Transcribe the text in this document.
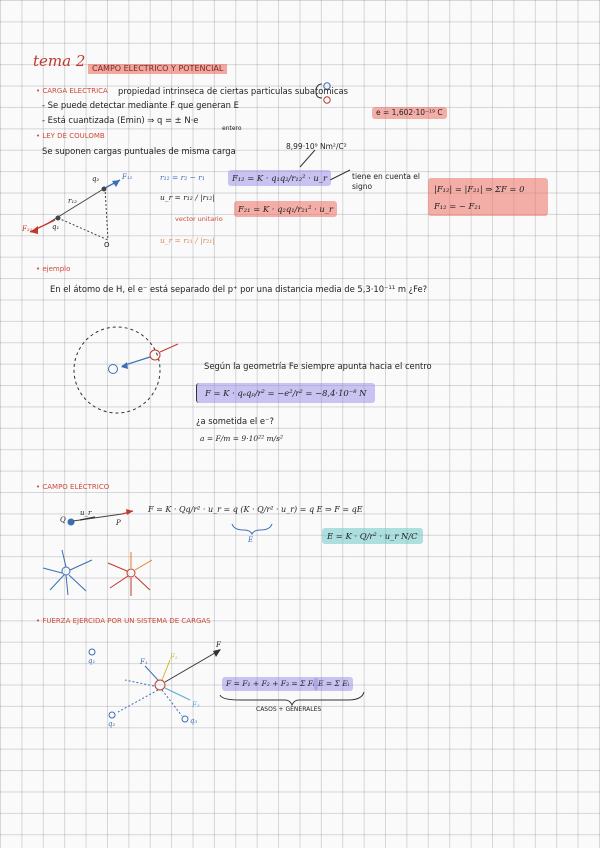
tema 2 CAMPO ELECTRICO Y POTENCIAL
• CARGA ELECTRICA propiedad intrinseca de ciertas particulas subatomicas
- Se puede detectar mediante F que generan E
- Está cuantizada (Emin) ⇒ q = ± N·e
entero
e = 1,602·10⁻¹⁹ C
• LEY DE COULOMB
Se suponen cargas puntuales de misma carga	8,99·10⁹ Nm²/C²
F₁₂ = K · q₁q₂/r₁₂² · u_r
F₂₁ = K · q₂q₁/r₂₁² · u_r
r₁₂ = r₂ − r₁
u_r = r₁₂ / |r₁₂|
vector unitario
u_r = r₂₁ / |r₂₁|
tiene en cuenta el signo	|F₁₂| = |F₂₁| ⇒ ΣF = 0
F₁₂ = − F₂₁
q₂
q₁
r₁₂
F₁₂
F₂₁
O
• ejemplo
En el átomo de H, el e⁻ está separado del p⁺ por una distancia media de 5,3·10⁻¹¹ m ¿Fe?
Según la geometría Fe siempre apunta hacia el centro
F = K · qₑqₚ/r² = −e²/r² = −8,4·10⁻⁸ N
¿a sometida el e⁻?
a = F/m = 9·10²² m/s²
• CAMPO ELÉCTRICO
F = K · Qq/r² · u_r = q (K · Q/r² · u_r) = q E ⇒ F = qE
E	E = K · Q/r² · u_r N/C
Q
u_r
P
• FUERZA EJERCIDA POR UN SISTEMA DE CARGAS
F = F₁ + F₂ + F₃ = Σ Fᵢ E = Σ Eᵢ
CASOS + GENERALES
q₁
q₂	q₃
F₁
F₂
F₃
F
